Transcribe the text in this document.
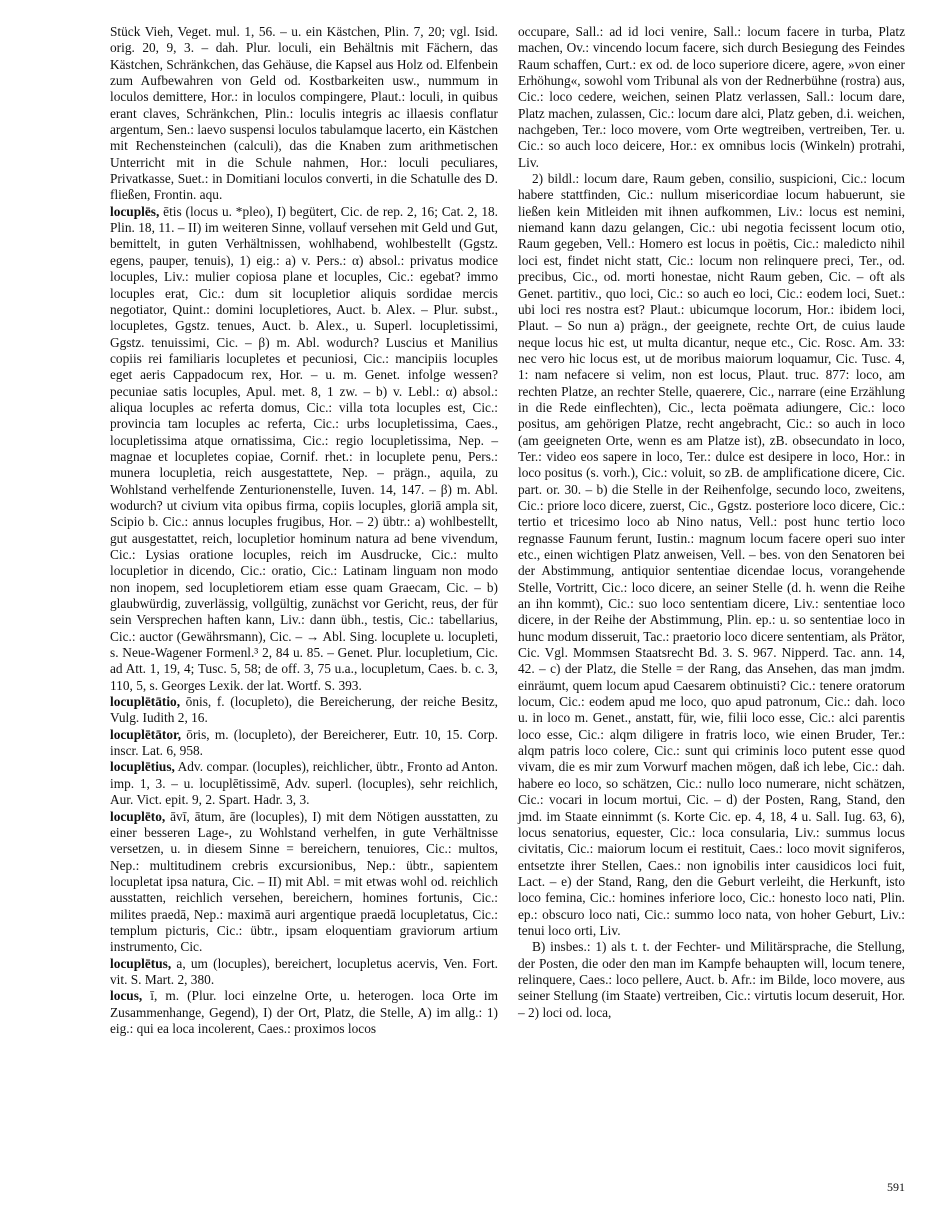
Stück Vieh, Veget. mul. 1, 56. – u. ein Kästchen, Plin. 7, 20; vgl. Isid. orig. 20, 9, 3. – dah. Plur. loculi, ein Behältnis mit Fächern, das Kästchen, Schränkchen, das Gehäuse, die Kapsel aus Holz od. Elfenbein zum Aufbewahren von Geld od. Kostbarkeiten usw., nummum in loculos demittere, Hor.: in loculos compingere, Plaut.: loculi, in quibus erant claves, Schränkchen, Plin.: loculis integris ac illaesis conflatur argentum, Sen.: laevo suspensi loculos tabulamque lacerto, ein Kästchen mit Rechensteinchen (calculi), das die Knaben zum arithmetischen Unterricht mit in die Schule nahmen, Hor.: loculi peculiares, Privatkasse, Suet.: in Domitiani loculos converti, in die Schatulle des D. fließen, Frontin. aqu.

locuplēs, ētis (locus u. *pleo), I) begütert, Cic. de rep. 2, 16; Cat. 2, 18. Plin. 18, 11. – II) im weiteren Sinne, vollauf versehen mit Geld und Gut, bemittelt, in guten Verhältnissen, wohlhabend, wohlbestellt (Ggstz. egens, pauper, tenuis), 1) eig.: a) v. Pers.: α) absol.: privatus modice locuples, Liv.: mulier copiosa plane et locuples, Cic.: egebat? immo locuples erat, Cic.: dum sit locupletior aliquis sordidae mercis negotiator, Quint.: domini locupletiores, Auct. b. Alex. – Plur. subst., locupletes, Ggstz. tenues, Auct. b. Alex., u. Superl. locupletissimi, Ggstz. tenuissimi, Cic. – β) m. Abl. wodurch? Luscius et Manilius copiis rei familiaris locupletes et pecuniosi, Cic.: mancipiis locuples eget aeris Cappadocum rex, Hor. – u. m. Genet. infolge wessen? pecuniae satis locuples, Apul. met. 8, 1 zw. – b) v. Lebl.: α) absol.: aliqua locuples ac referta domus, Cic.: villa tota locuples est, Cic.: provincia tam locuples ac referta, Cic.: urbs locupletissima, Caes., locupletissima atque ornatissima, Cic.: regio locupletissima, Nep. – magnae et locupletes copiae, Cornif. rhet.: in locuplete penu, Pers.: munera locupletia, reich ausgestattete, Nep. – prägn., aquila, zu Wohlstand verhelfende Zenturionenstelle, Iuven. 14, 147. – β) m. Abl. wodurch? ut civium vita opibus firma, copiis locuples, gloriā ampla sit, Scipio b. Cic.: annus locuples frugibus, Hor. – 2) übtr.: a) wohlbestellt, gut ausgestattet, reich, locupletior hominum natura ad bene vivendum, Cic.: Lysias oratione locuples, reich im Ausdrucke, Cic.: multo locupletior in dicendo, Cic.: oratio, Cic.: Latinam linguam non modo non inopem, sed locupletiorem etiam esse quam Graecam, Cic. – b) glaubwürdig, zuverlässig, vollgültig, zunächst vor Gericht, reus, der für sein Versprechen haften kann, Liv.: dann übh., testis, Cic.: tabellarius, Cic.: auctor (Gewährsmann), Cic. – → Abl. Sing. locuplete u. locupleti, s. Neue-Wagener Formenl.³ 2, 84 u. 85. – Genet. Plur. locupletium, Cic. ad Att. 1, 19, 4; Tusc. 5, 58; de off. 3, 75 u.a., locupletum, Caes. b. c. 3, 110, 5, s. Georges Lexik. der lat. Wortf. S. 393.

locuplētātio, ōnis, f. (locupleto), die Bereicherung, der reiche Besitz, Vulg. Iudith 2, 16.

locuplētātor, ōris, m. (locupleto), der Bereicherer, Eutr. 10, 15. Corp. inscr. Lat. 6, 958.

locuplētius, Adv. compar. (locuples), reichlicher, übtr., Fronto ad Anton. imp. 1, 3. – u. locuplētissimē, Adv. superl. (locuples), sehr reichlich, Aur. Vict. epit. 9, 2. Spart. Hadr. 3, 3.

locuplēto, āvī, ātum, āre (locuples), I) mit dem Nötigen ausstatten, zu einer besseren Lage-, zu Wohlstand verhelfen, in gute Verhältnisse versetzen, u. in diesem Sinne = bereichern, tenuiores, Cic.: multos, Nep.: multitudinem crebris excursionibus, Nep.: übtr., sapientem locupletat ipsa natura, Cic. – II) mit Abl. = mit etwas wohl od. reichlich ausstatten, reichlich versehen, bereichern, homines fortunis, Cic.: milites praedā, Nep.: maximā auri argentique praedā locupletatus, Cic.: templum picturis, Cic.: übtr., ipsam eloquentiam graviorum artium instrumento, Cic.

locuplētus, a, um (locuples), bereichert, locupletus acervis, Ven. Fort. vit. S. Mart. 2, 380.

locus, ī, m. (Plur. loci einzelne Orte, u. heterogen. loca Orte im Zusammenhange, Gegend), I) der Ort, Platz, die Stelle, A) im allg.: 1) eig.: qui ea loca incolerent, Caes.: proximos locos

occupare, Sall.: ad id loci venire, Sall.: locum facere in turba, Platz machen, Ov.: vincendo locum facere, sich durch Besiegung des Feindes Raum schaffen, Curt.: ex od. de loco superiore dicere, agere, »von einer Erhöhung«, sowohl vom Tribunal als von der Rednerbühne (rostra) aus, Cic.: loco cedere, weichen, seinen Platz verlassen, Sall.: locum dare, Platz machen, zulassen, Cic.: locum dare alci, Platz geben, d.i. weichen, nachgeben, Ter.: loco movere, vom Orte wegtreiben, vertreiben, Ter. u. Cic.: so auch loco deicere, Hor.: ex omnibus locis (Winkeln) protrahi, Liv.

2) bildl.: locum dare, Raum geben, consilio, suspicioni, Cic.: locum habere stattfinden, Cic.: nullum misericordiae locum habuerunt, sie ließen kein Mitleiden mit ihnen aufkommen, Liv.: locus est nemini, niemand kann dazu gelangen, Cic.: ubi negotia fecissent locum otio, Raum gegeben, Vell.: Homero est locus in poëtis, Cic.: maledicto nihil loci est, findet nicht statt, Cic.: locum non relinquere preci, Ter., od. precibus, Cic., od. morti honestae, nicht Raum geben, Cic. – oft als Genet. partitiv., quo loci, Cic.: so auch eo loci, Cic.: eodem loci, Suet.: ubi loci res nostra est? Plaut.: ubicumque locorum, Hor.: ibidem loci, Plaut. – So nun a) prägn., der geeignete, rechte Ort, de cuius laude neque locus hic est, ut multa dicantur, neque etc., Cic. Rosc. Am. 33: nec vero hic locus est, ut de moribus maiorum loquamur, Cic. Tusc. 4, 1: nam nefacere si velim, non est locus, Plaut. truc. 877: loco, am rechten Platze, an rechter Stelle, quaerere, Cic., narrare (eine Erzählung in die Rede einflechten), Cic., lecta poëmata adiungere, Cic.: loco positus, am gehörigen Platze, recht angebracht, Cic.: so auch in loco (am geeigneten Orte, wenn es am Platze ist), zB. obsecundato in loco, Ter.: video eos sapere in loco, Ter.: dulce est desipere in loco, Hor.: in loco positus (s. vorh.), Cic.: voluit, so zB. de amplificatione dicere, Cic. part. or. 30. – b) die Stelle in der Reihenfolge, secundo loco, zweitens, Cic.: priore loco dicere, zuerst, Cic., Ggstz. posteriore loco dicere, Cic.: tertio et tricesimo loco ab Nino natus, Vell.: post hunc tertio loco regnasse Faunum ferunt, Iustin.: magnum locum facere operi suo inter etc., einen wichtigen Platz anweisen, Vell. – bes. von den Senatoren bei der Abstimmung, antiquior sententiae dicendae locus, vorangehende Stelle, Vortritt, Cic.: loco dicere, an seiner Stelle (d. h. wenn die Reihe an ihn kommt), Cic.: suo loco sententiam dicere, Liv.: sententiae loco dicere, in der Reihe der Abstimmung, Plin. ep.: u. so sententiae loco in hunc modum disseruit, Tac.: praetorio loco dicere sententiam, als Prätor, Cic. Vgl. Mommsen Staatsrecht Bd. 3. S. 967. Nipperd. Tac. ann. 14, 42. – c) der Platz, die Stelle = der Rang, das Ansehen, das man jmdm. einräumt, quem locum apud Caesarem obtinuisti? Cic.: tenere oratorum locum, Cic.: eodem apud me loco, quo apud patronum, Cic.: dah. loco u. in loco m. Genet., anstatt, für, wie, filii loco esse, Cic.: alci parentis loco esse, Cic.: alqm diligere in fratris loco, wie einen Bruder, Ter.: alqm patris loco colere, Cic.: sunt qui criminis loco putent esse quod vivam, die es mir zum Vorwurf machen mögen, daß ich lebe, Cic.: dah. habere eo loco, so schätzen, Cic.: nullo loco numerare, nicht schätzen, Cic.: vocari in locum mortui, Cic. – d) der Posten, Rang, Stand, den jmd. im Staate einnimmt (s. Korte Cic. ep. 4, 18, 4 u. Sall. Iug. 63, 6), locus senatorius, equester, Cic.: loca consularia, Liv.: summus locus civitatis, Cic.: maiorum locum ei restituit, Caes.: loco movit signiferos, entsetzte ihrer Stellen, Caes.: non ignobilis inter causidicos loci fuit, Lact. – e) der Stand, Rang, den die Geburt verleiht, die Herkunft, isto loco femina, Cic.: homines inferiore loco, Cic.: honesto loco nati, Plin. ep.: obscuro loco nati, Cic.: summo loco nata, von hoher Geburt, Liv.: tenui loco orti, Liv.

B) insbes.: 1) als t. t. der Fechter- und Militärsprache, die Stellung, der Posten, die oder den man im Kampfe behaupten will, locum tenere, relinquere, Caes.: loco pellere, Auct. b. Afr.: im Bilde, loco movere, aus seiner Stellung (im Staate) vertreiben, Cic.: virtutis locum deseruit, Hor. – 2) loci od. loca,

591
